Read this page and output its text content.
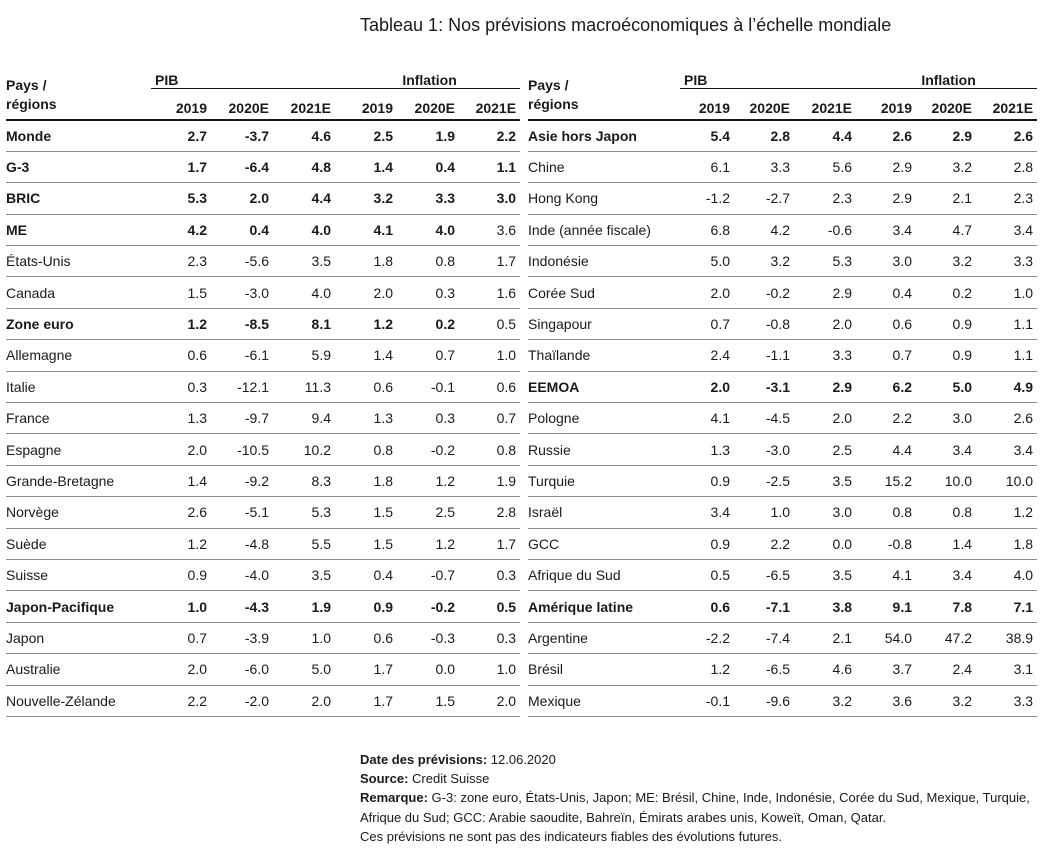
Tableau 1: Nos prévisions macroéconomiques à l’échelle mondiale
Pays /
régions	PIB			Inflation		
	2019	2020E	2021E	2019	2020E	2021E
Monde	2.7	-3.7	4.6	2.5	1.9	2.2
G-3	1.7	-6.4	4.8	1.4	0.4	1.1
BRIC	5.3	2.0	4.4	3.2	3.3	3.0
ME	4.2	0.4	4.0	4.1	4.0	3.6
États-Unis	2.3	-5.6	3.5	1.8	0.8	1.7
Canada	1.5	-3.0	4.0	2.0	0.3	1.6
Zone euro	1.2	-8.5	8.1	1.2	0.2	0.5
Allemagne	0.6	-6.1	5.9	1.4	0.7	1.0
Italie	0.3	-12.1	11.3	0.6	-0.1	0.6
France	1.3	-9.7	9.4	1.3	0.3	0.7
Espagne	2.0	-10.5	10.2	0.8	-0.2	0.8
Grande-Bretagne	1.4	-9.2	8.3	1.8	1.2	1.9
Norvège	2.6	-5.1	5.3	1.5	2.5	2.8
Suède	1.2	-4.8	5.5	1.5	1.2	1.7
Suisse	0.9	-4.0	3.5	0.4	-0.7	0.3
Japon-Pacifique	1.0	-4.3	1.9	0.9	-0.2	0.5
Japon	0.7	-3.9	1.0	0.6	-0.3	0.3
Australie	2.0	-6.0	5.0	1.7	0.0	1.0
Nouvelle-Zélande	2.2	-2.0	2.0	1.7	1.5	2.0
Pays /
régions	PIB			Inflation		
	2019	2020E	2021E	2019	2020E	2021E
Asie hors Japon	5.4	2.8	4.4	2.6	2.9	2.6
Chine	6.1	3.3	5.6	2.9	3.2	2.8
Hong Kong	-1.2	-2.7	2.3	2.9	2.1	2.3
Inde (année fiscale)	6.8	4.2	-0.6	3.4	4.7	3.4
Indonésie	5.0	3.2	5.3	3.0	3.2	3.3
Corée Sud	2.0	-0.2	2.9	0.4	0.2	1.0
Singapour	0.7	-0.8	2.0	0.6	0.9	1.1
Thaïlande	2.4	-1.1	3.3	0.7	0.9	1.1
EEMOA	2.0	-3.1	2.9	6.2	5.0	4.9
Pologne	4.1	-4.5	2.0	2.2	3.0	2.6
Russie	1.3	-3.0	2.5	4.4	3.4	3.4
Turquie	0.9	-2.5	3.5	15.2	10.0	10.0
Israël	3.4	1.0	3.0	0.8	0.8	1.2
GCC	0.9	2.2	0.0	-0.8	1.4	1.8
Afrique du Sud	0.5	-6.5	3.5	4.1	3.4	4.0
Amérique latine	0.6	-7.1	3.8	9.1	7.8	7.1
Argentine	-2.2	-7.4	2.1	54.0	47.2	38.9
Brésil	1.2	-6.5	4.6	3.7	2.4	3.1
Mexique	-0.1	-9.6	3.2	3.6	3.2	3.3
Date des prévisions: 12.06.2020
Source: Credit Suisse
Remarque: G-3: zone euro, États-Unis, Japon; ME: Brésil, Chine, Inde, Indonésie, Corée du Sud, Mexique, Turquie, Afrique du Sud; GCC: Arabie saoudite, Bahreïn, Émirats arabes unis, Koweït, Oman, Qatar.
Ces prévisions ne sont pas des indicateurs fiables des évolutions futures.
